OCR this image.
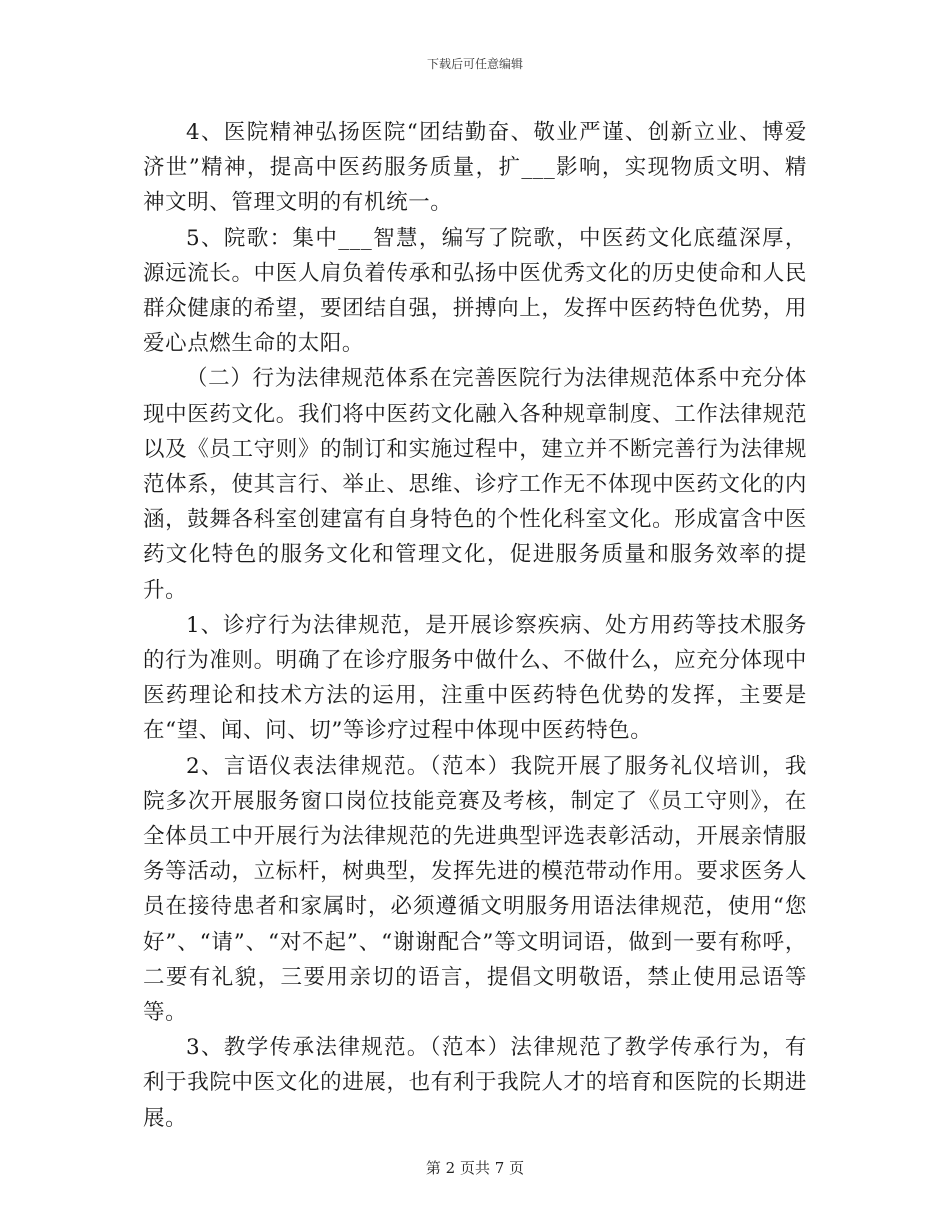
下载后可任意编辑

4、医院精神弘扬医院“团结勤奋、敬业严谨、创新立业、博爱济世”精神，提高中医药服务质量，扩___影响，实现物质文明、精神文明、管理文明的有机统一。

5、院歌：集中___智慧，编写了院歌，中医药文化底蕴深厚，源远流长。中医人肩负着传承和弘扬中医优秀文化的历史使命和人民群众健康的希望，要团结自强，拼搏向上，发挥中医药特色优势，用爱心点燃生命的太阳。

（二）行为法律规范体系在完善医院行为法律规范体系中充分体现中医药文化。我们将中医药文化融入各种规章制度、工作法律规范以及《员工守则》的制订和实施过程中，建立并不断完善行为法律规范体系，使其言行、举止、思维、诊疗工作无不体现中医药文化的内涵，鼓舞各科室创建富有自身特色的个性化科室文化。形成富含中医药文化特色的服务文化和管理文化，促进服务质量和服务效率的提升。

1、诊疗行为法律规范，是开展诊察疾病、处方用药等技术服务的行为准则。明确了在诊疗服务中做什么、不做什么，应充分体现中医药理论和技术方法的运用，注重中医药特色优势的发挥，主要是在“望、闻、问、切”等诊疗过程中体现中医药特色。

2、言语仪表法律规范。（范本）我院开展了服务礼仪培训，我院多次开展服务窗口岗位技能竞赛及考核，制定了《员工守则》，在全体员工中开展行为法律规范的先进典型评选表彰活动，开展亲情服务等活动，立标杆，树典型，发挥先进的模范带动作用。要求医务人员在接待患者和家属时，必须遵循文明服务用语法律规范，使用“您好”、“请”、“对不起”、“谢谢配合”等文明词语，做到一要有称呼，二要有礼貌，三要用亲切的语言，提倡文明敬语，禁止使用忌语等等。

3、教学传承法律规范。（范本）法律规范了教学传承行为，有利于我院中医文化的进展，也有利于我院人才的培育和医院的长期进展。

第 2 页共 7 页
